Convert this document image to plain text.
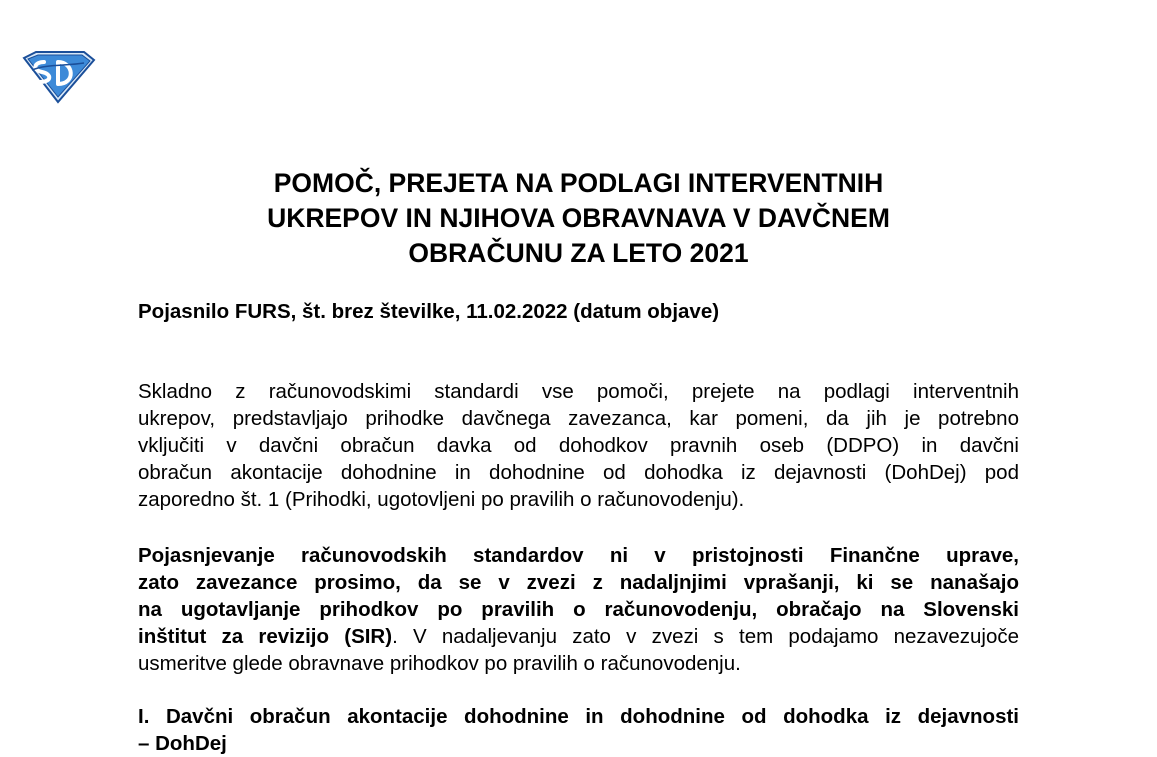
POMOČ, PREJETA NA PODLAGI INTERVENTNIH
UKREPOV IN NJIHOVA OBRAVNAVA V DAVČNEM
OBRAČUNU ZA LETO 2021

Pojasnilo FURS, št. brez številke, 11.02.2022 (datum objave)

Skladno z računovodskimi standardi vse pomoči, prejete na podlagi interventnih
ukrepov, predstavljajo prihodke davčnega zavezanca, kar pomeni, da jih je potrebno
vključiti v davčni obračun davka od dohodkov pravnih oseb (DDPO) in davčni
obračun akontacije dohodnine in dohodnine od dohodka iz dejavnosti (DohDej) pod
zaporedno št. 1 (Prihodki, ugotovljeni po pravilih o računovodenju).
Pojasnjevanje računovodskih standardov ni v pristojnosti Finančne uprave,
zato zavezance prosimo, da se v zvezi z nadaljnjimi vprašanji, ki se nanašajo
na ugotavljanje prihodkov po pravilih o računovodenju, obračajo na Slovenski
inštitut za revizijo (SIR). V nadaljevanju zato v zvezi s tem podajamo nezavezujoče
usmeritve glede obravnave prihodkov po pravilih o računovodenju.
I. Davčni obračun akontacije dohodnine in dohodnine od dohodka iz dejavnosti
– DohDej
